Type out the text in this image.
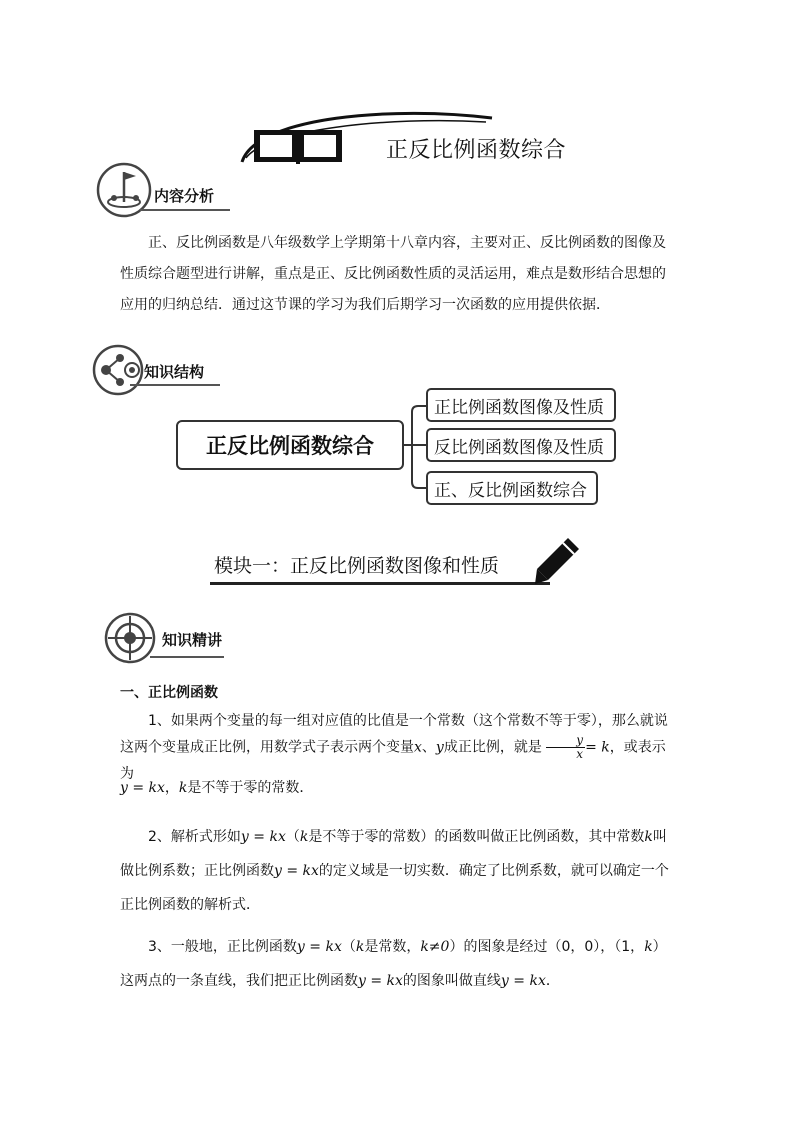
正反比例函数综合
内容分析

正、反比例函数是八年级数学上学期第十八章内容，主要对正、反比例函数的图像及性质综合题型进行讲解，重点是正、反比例函数性质的灵活运用，难点是数形结合思想的应用的归纳总结．通过这节课的学习为我们后期学习一次函数的应用提供依据．

知识结构
正反比例函数综合
正比例函数图像及性质
反比例函数图像及性质
正、反比例函数综合
模块一：正反比例函数图像和性质
知识精讲
一、正比例函数

1、如果两个变量的每一组对应值的比值是一个常数（这个常数不等于零），那么就说这两个变量成正比例，用数学式子表示两个变量x、y成正比例，就是 $\frac{y}{x} = k$，或表示为

y = kx，k是不等于零的常数．

2、解析式形如y = kx（k是不等于零的常数）的函数叫做正比例函数，其中常数k叫做比例系数；正比例函数y = kx的定义域是一切实数．确定了比例系数，就可以确定一个正比例函数的解析式．

3、一般地，正比例函数y = kx（k是常数，k≠0）的图象是经过（0，0），（1，k）这两点的一条直线，我们把正比例函数y = kx的图象叫做直线y = kx．
